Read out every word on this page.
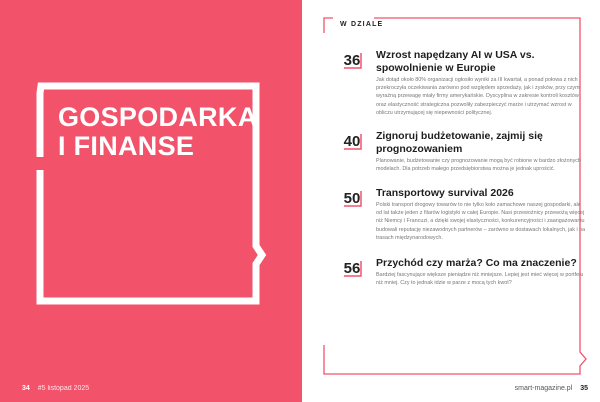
GOSPODARKA
I FINANSE
34 #5 listopad 2025
W DZIALE
36 Wzrost napędzany AI w USA vs. spowolnienie w Europie

Jak dotąd około 80% organizacji ogłosiło wyniki za III kwartał, a ponad połowa z nich przekroczyła oczekiwania zarówno pod względem sprzedaży, jak i zysków, przy czym wyraźną przewagę miały firmy amerykańskie. Dyscyplina w zakresie kontroli kosztów oraz elastyczność strategiczna pozwoliły zabezpieczyć marże i utrzymać wzrost w obliczu utrzymującej się niepewności politycznej.

40 Zignoruj budżetowanie, zajmij się prognozowaniem

Planowanie, budżetowanie czy prognozowanie mogą być robione w bardzo złożonych modelach. Dla potrzeb małego przedsiębiorstwa można je jednak uprościć.

50 Transportowy survival 2026

Polski transport drogowy towarów to nie tylko koło zamachowe naszej gospodarki, ale od lat także jeden z filarów logistyki w całej Europie. Nasi przewoźnicy przewożą więcej niż Niemcy i Francuzi, a dzięki swojej elastyczności, konkurencyjności i zaangażowaniu budowali reputację niezawodnych partnerów – zarówno w dostawach lokalnych, jak i na trasach międzynarodowych.

56 Przychód czy marża? Co ma znaczenie?

Bardziej fascynujące większe pieniądze niż mniejsze. Lepiej jest mieć więcej w portfelu niż mniej. Czy to jednak idzie w parze z mocą tych kwot?

smart-magazine.pl 35
